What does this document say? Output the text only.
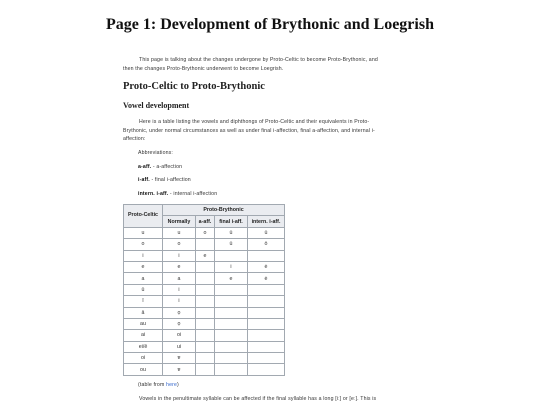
Page 1: Development of Brythonic and Loegrish
This page is talking about the changes undergone by Proto-Celtic to become Proto-Brythonic, and
then the changes Proto-Brythonic underwent to become Loegrish.
Proto-Celtic to Proto-Brythonic
Vowel development
Here is a table listing the vowels and diphthongs of Proto-Celtic and their equivalents in Proto-
Brythonic, under normal circumstances as well as under final i-affection, final a-affection, and internal i-
affection:
Abbreviations:
a-aff. - a-affection
i-aff. - final i-affection
intern. i-aff. - internal i-affection
Proto-Celtic	Proto-Brythonic			
	Normally	a-aff.	final i-aff.	intern. i-aff.
u	u	o	ü	ü
o	o		ü	ö
i	i	e		
e	e		i	ė
a	a		e	ė
ū	i			
ī	i			
ā	ọ			
au	ọ			
ai	oi			
ei/ē	ui			
oi	ɐ			
ou	ɐ			
(table from here)
Vowels in the penultimate syllable can be affected if the final syllable has a long [iː] or [eː]. This is
